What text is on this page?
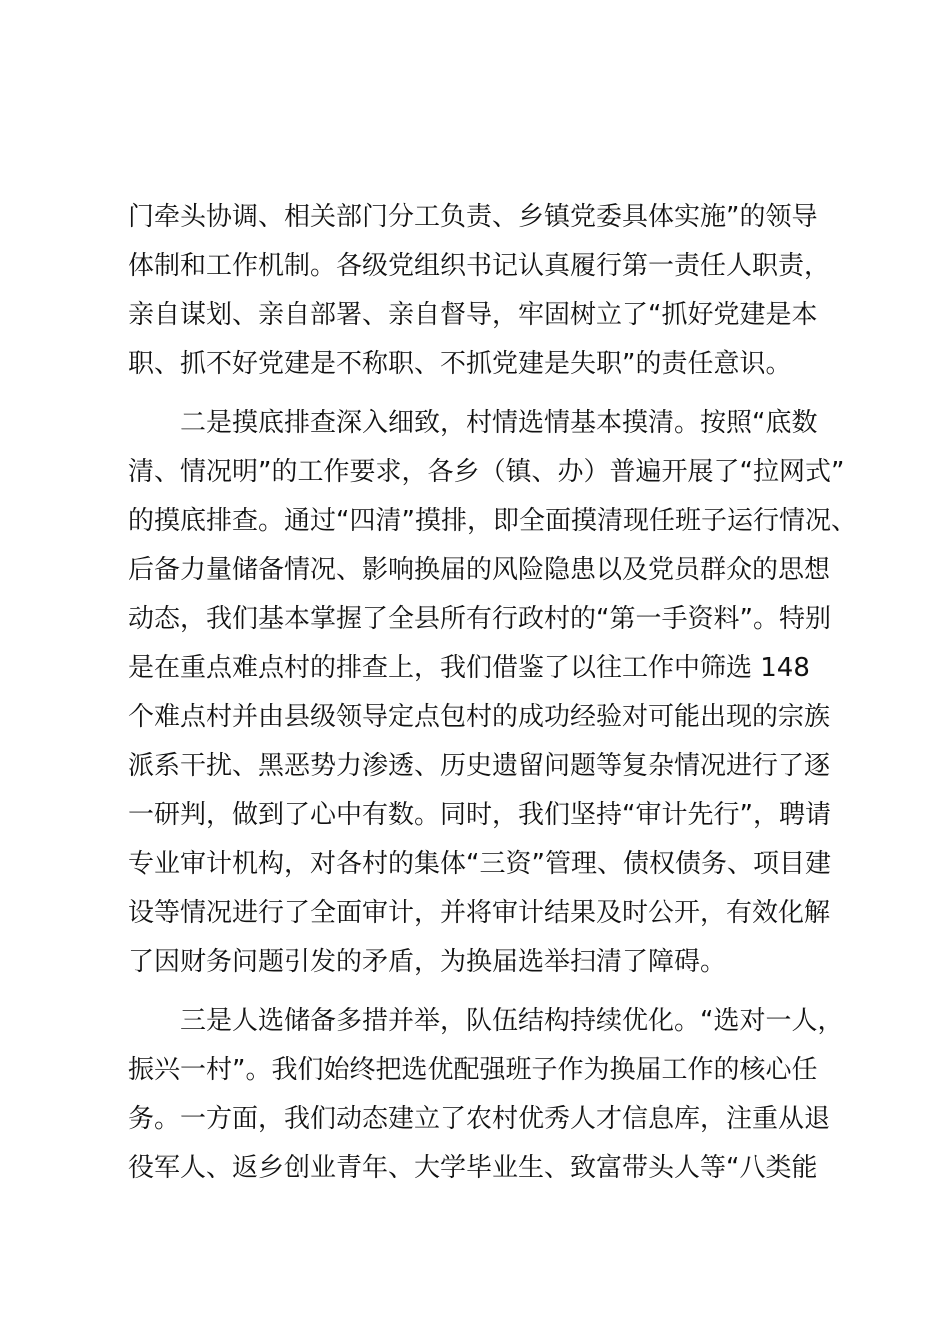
门牵头协调、相关部门分工负责、乡镇党委具体实施”的领导
体制和工作机制。各级党组织书记认真履行第一责任人职责，
亲自谋划、亲自部署、亲自督导，牢固树立了“抓好党建是本
职、抓不好党建是不称职、不抓党建是失职”的责任意识。
二是摸底排查深入细致，村情选情基本摸清。按照“底数
清、情况明”的工作要求，各乡（镇、办）普遍开展了“拉网式”
的摸底排查。通过“四清”摸排，即全面摸清现任班子运行情况、
后备力量储备情况、影响换届的风险隐患以及党员群众的思想
动态，我们基本掌握了全县所有行政村的“第一手资料”。特别
是在重点难点村的排查上，我们借鉴了以往工作中筛选 148
个难点村并由县级领导定点包村的成功经验对可能出现的宗族
派系干扰、黑恶势力渗透、历史遗留问题等复杂情况进行了逐
一研判，做到了心中有数。同时，我们坚持“审计先行”，聘请
专业审计机构，对各村的集体“三资”管理、债权债务、项目建
设等情况进行了全面审计，并将审计结果及时公开，有效化解
了因财务问题引发的矛盾，为换届选举扫清了障碍。
三是人选储备多措并举，队伍结构持续优化。“选对一人，
振兴一村”。我们始终把选优配强班子作为换届工作的核心任
务。一方面，我们动态建立了农村优秀人才信息库，注重从退
役军人、返乡创业青年、大学毕业生、致富带头人等“八类能
